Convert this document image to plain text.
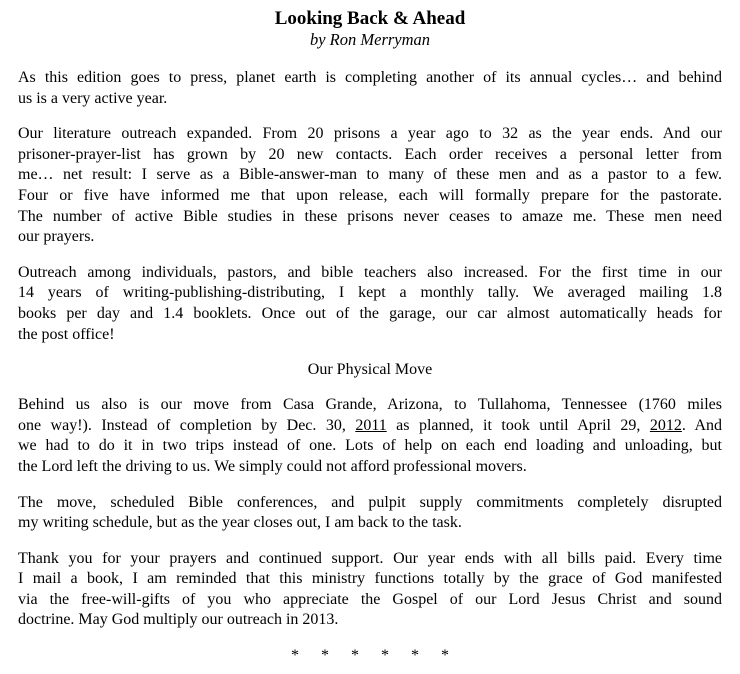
Looking Back & Ahead
by Ron Merryman

As this edition goes to press, planet earth is completing another of its annual cycles… and behind
us is a very active year.

Our literature outreach expanded. From 20 prisons a year ago to 32 as the year ends. And our
prisoner-prayer-list has grown by 20 new contacts. Each order receives a personal letter from
me… net result: I serve as a Bible-answer-man to many of these men and as a pastor to a few.
Four or five have informed me that upon release, each will formally prepare for the pastorate.
The number of active Bible studies in these prisons never ceases to amaze me. These men need
our prayers.

Outreach among individuals, pastors, and bible teachers also increased. For the first time in our
14 years of writing-publishing-distributing, I kept a monthly tally. We averaged mailing 1.8
books per day and 1.4 booklets. Once out of the garage, our car almost automatically heads for
the post office!

Our Physical Move

Behind us also is our move from Casa Grande, Arizona, to Tullahoma, Tennessee (1760 miles
one way!). Instead of completion by Dec. 30, 2011 as planned, it took until April 29, 2012. And
we had to do it in two trips instead of one. Lots of help on each end loading and unloading, but
the Lord left the driving to us. We simply could not afford professional movers.

The move, scheduled Bible conferences, and pulpit supply commitments completely disrupted
my writing schedule, but as the year closes out, I am back to the task.

Thank you for your prayers and continued support. Our year ends with all bills paid. Every time
I mail a book, I am reminded that this ministry functions totally by the grace of God manifested
via the free-will-gifts of you who appreciate the Gospel of our Lord Jesus Christ and sound
doctrine. May God multiply our outreach in 2013.

* * * * * *
